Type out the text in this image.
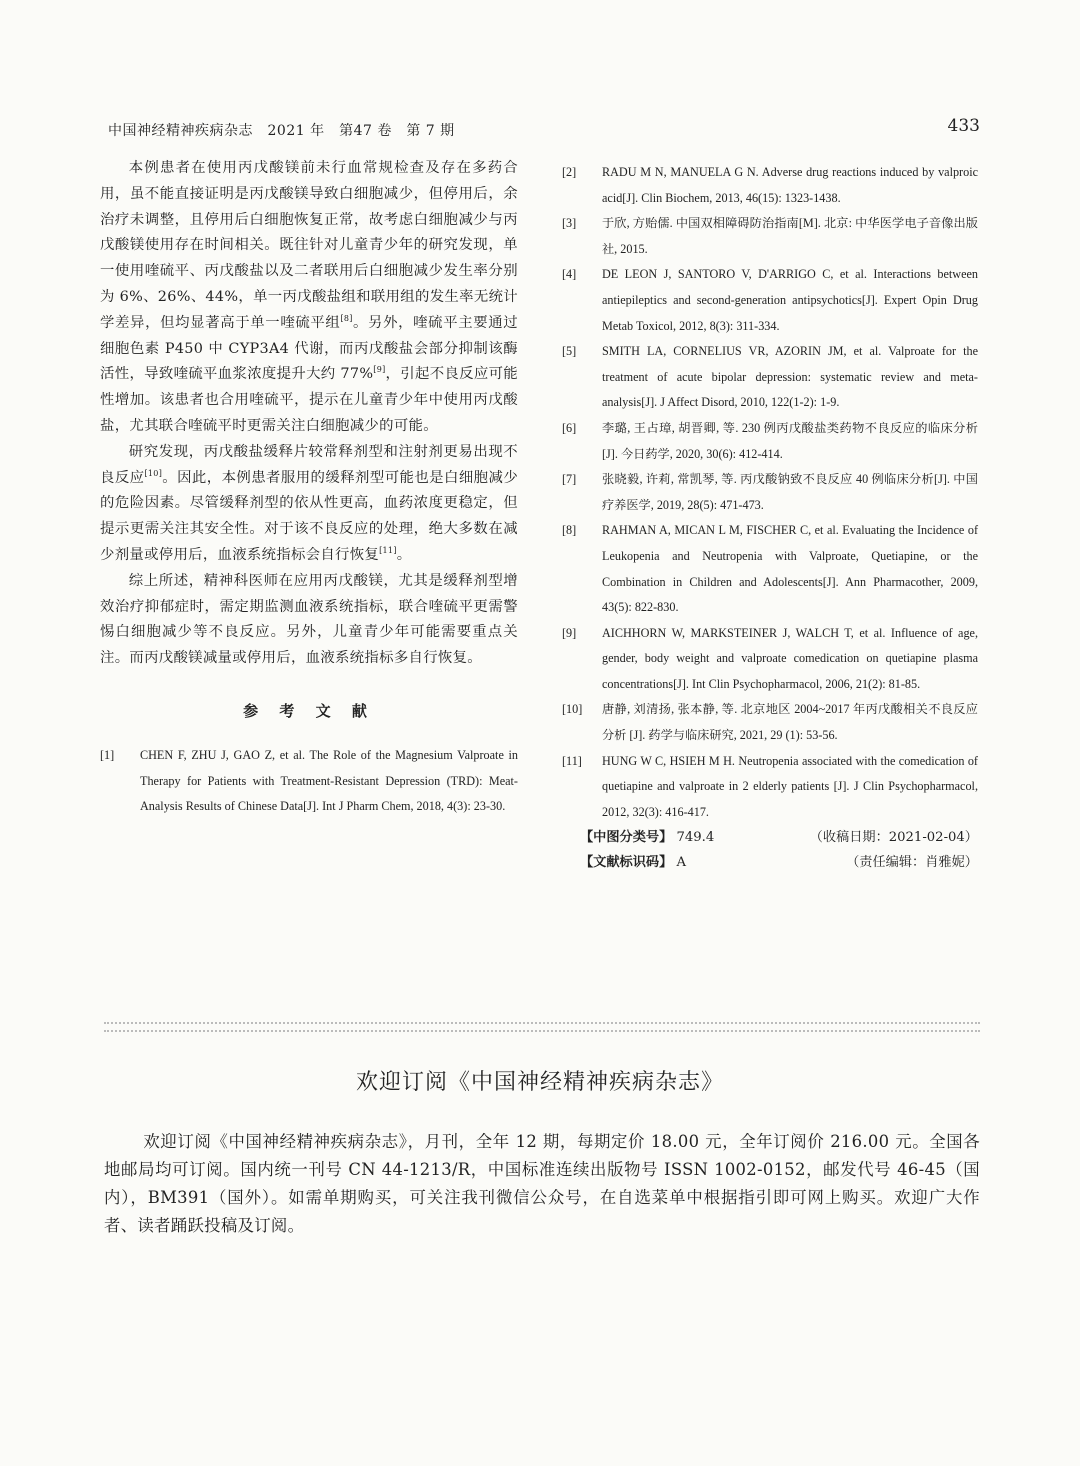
中国神经精神疾病杂志　2021 年　第47 卷　第 7 期	433

本例患者在使用丙戊酸镁前未行血常规检查及存在多药合用，虽不能直接证明是丙戊酸镁导致白细胞减少，但停用后，余治疗未调整，且停用后白细胞恢复正常，故考虑白细胞减少与丙戊酸镁使用存在时间相关。既往针对儿童青少年的研究发现，单一使用喹硫平、丙戊酸盐以及二者联用后白细胞减少发生率分别为 6%、26%、44%，单一丙戊酸盐组和联用组的发生率无统计学差异，但均显著高于单一喹硫平组[8]。另外，喹硫平主要通过细胞色素 P450 中 CYP3A4 代谢，而丙戊酸盐会部分抑制该酶活性，导致喹硫平血浆浓度提升大约 77%[9]，引起不良反应可能性增加。该患者也合用喹硫平，提示在儿童青少年中使用丙戊酸盐，尤其联合喹硫平时更需关注白细胞减少的可能。

研究发现，丙戊酸盐缓释片较常释剂型和注射剂更易出现不良反应[10]。因此，本例患者服用的缓释剂型可能也是白细胞减少的危险因素。尽管缓释剂型的依从性更高，血药浓度更稳定，但提示更需关注其安全性。对于该不良反应的处理，绝大多数在减少剂量或停用后，血液系统指标会自行恢复[11]。

综上所述，精神科医师在应用丙戊酸镁，尤其是缓释剂型增效治疗抑郁症时，需定期监测血液系统指标，联合喹硫平更需警惕白细胞减少等不良反应。另外，儿童青少年可能需要重点关注。而丙戊酸镁减量或停用后，血液系统指标多自行恢复。

参 考 文 献
[1]	CHEN F, ZHU J, GAO Z, et al. The Role of the Magnesium Valproate in Therapy for Patients with Treatment-Resistant Depression (TRD): Meat-Analysis Results of Chinese Data[J]. Int J Pharm Chem, 2018, 4(3): 23-30.
[2]	RADU M N, MANUELA G N. Adverse drug reactions induced by valproic acid[J]. Clin Biochem, 2013, 46(15): 1323-1438.
[3]	于欣, 方贻儒. 中国双相障碍防治指南[M]. 北京: 中华医学电子音像出版社, 2015.
[4]	DE LEON J, SANTORO V, D'ARRIGO C, et al. Interactions between antiepileptics and second-generation antipsychotics[J]. Expert Opin Drug Metab Toxicol, 2012, 8(3): 311-334.
[5]	SMITH LA, CORNELIUS VR, AZORIN JM, et al. Valproate for the treatment of acute bipolar depression: systematic review and meta-analysis[J]. J Affect Disord, 2010, 122(1-2): 1-9.
[6]	李璐, 王占璋, 胡晋卿, 等. 230 例丙戊酸盐类药物不良反应的临床分析[J]. 今日药学, 2020, 30(6): 412-414.
[7]	张晓毅, 许莉, 常凯琴, 等. 丙戊酸钠致不良反应 40 例临床分析[J]. 中国疗养医学, 2019, 28(5): 471-473.
[8]	RAHMAN A, MICAN L M, FISCHER C, et al. Evaluating the Incidence of Leukopenia and Neutropenia with Valproate, Quetiapine, or the Combination in Children and Adolescents[J]. Ann Pharmacother, 2009, 43(5): 822-830.
[9]	AICHHORN W, MARKSTEINER J, WALCH T, et al. Influence of age, gender, body weight and valproate comedication on quetiapine plasma concentrations[J]. Int Clin Psychopharmacol, 2006, 21(2): 81-85.
[10]	唐静, 刘清扬, 张本静, 等. 北京地区 2004~2017 年丙戊酸相关不良反应分析 [J]. 药学与临床研究, 2021, 29 (1): 53-56.
[11]	HUNG W C, HSIEH M H. Neutropenia associated with the comedication of quetiapine and valproate in 2 elderly patients [J]. J Clin Psychopharmacol, 2012, 32(3): 416-417.
【中图分类号】 749.4	（收稿日期：2021-02-04）
【文献标识码】 A	（责任编辑：肖雅妮）
欢迎订阅《中国神经精神疾病杂志》

欢迎订阅《中国神经精神疾病杂志》，月刊，全年 12 期，每期定价 18.00 元，全年订阅价 216.00 元。全国各地邮局均可订阅。国内统一刊号 CN 44-1213/R，中国标准连续出版物号 ISSN 1002-0152，邮发代号 46-45（国内），BM391（国外）。如需单期购买，可关注我刊微信公众号，在自选菜单中根据指引即可网上购买。欢迎广大作者、读者踊跃投稿及订阅。
